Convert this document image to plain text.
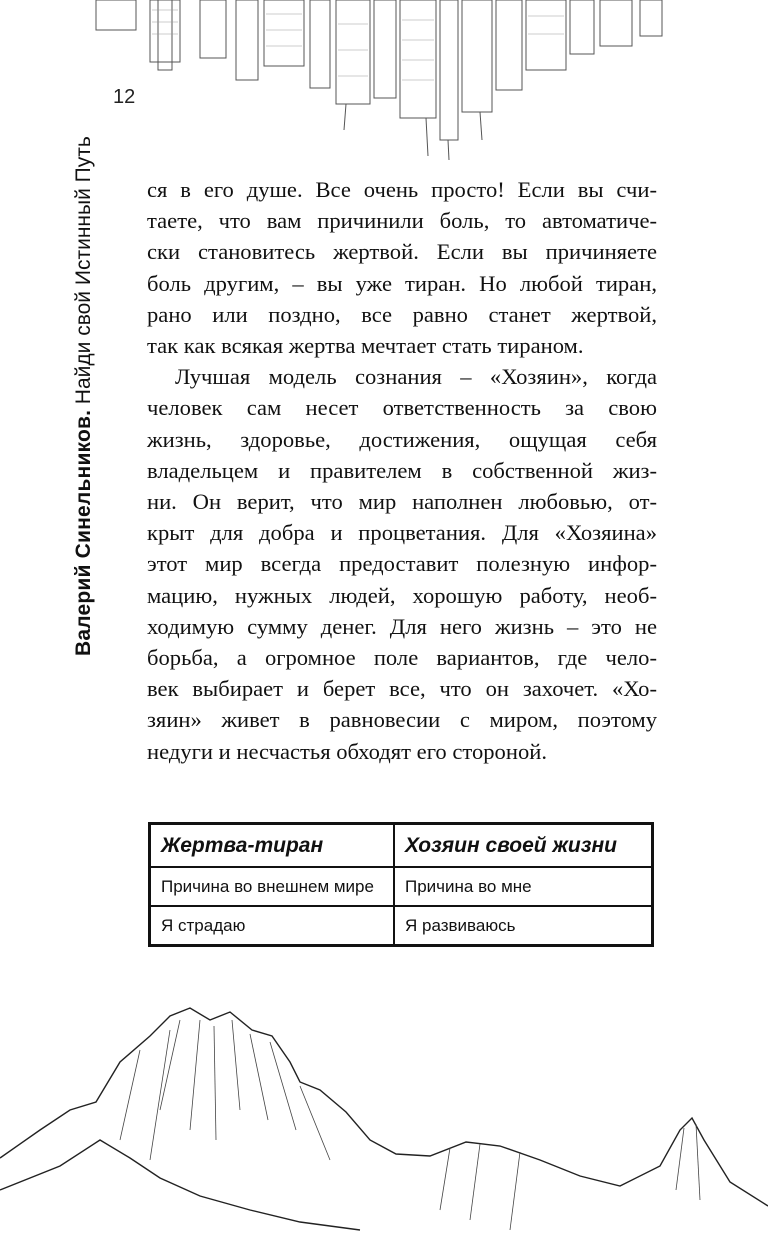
12
Валерий Синельников. Найди свой Истинный Путь ся в его душе. Все очень просто! Если вы счи-
таете, что вам причинили боль, то автоматиче-
ски становитесь жертвой. Если вы причиняете
боль другим, – вы уже тиран. Но любой тиран,
рано или поздно, все равно станет жертвой,
так как всякая жертва мечтает стать тираном.
Лучшая модель сознания – «Хозяин», когда
человек сам несет ответственность за свою
жизнь, здоровье, достижения, ощущая себя
владельцем и правителем в собственной жиз-
ни. Он верит, что мир наполнен любовью, от-
крыт для добра и процветания. Для «Хозяина»
этот мир всегда предоставит полезную инфор-
мацию, нужных людей, хорошую работу, необ-
ходимую сумму денег. Для него жизнь – это не
борьба, а огромное поле вариантов, где чело-
век выбирает и берет все, что он захочет. «Хо-
зяин» живет в равновесии с миром, поэтому
недуги и несчастья обходят его стороной.
Жертва-тиран	Хозяин своей жизни
Причина во внешнем мире	Причина во мне
Я страдаю	Я развиваюсь
